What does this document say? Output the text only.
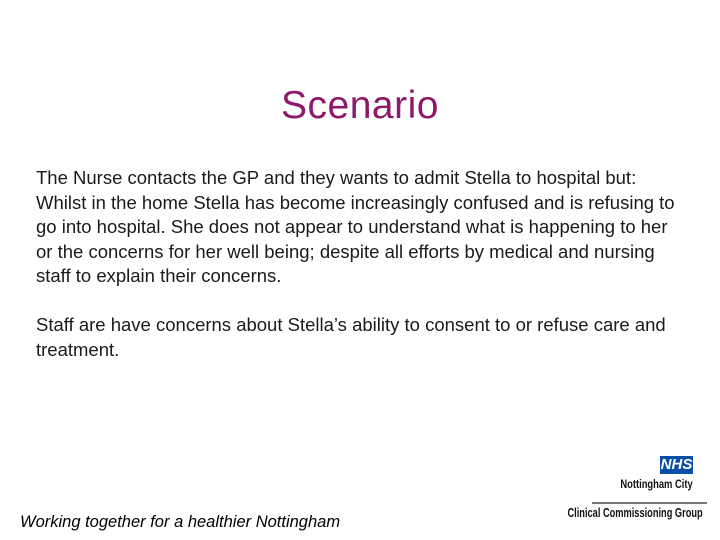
Scenario

The Nurse contacts the GP and they wants to admit Stella to hospital but:

Whilst in the home Stella has become increasingly confused and is refusing to go into hospital. She does not appear to understand what is happening to her or the concerns for her well being; despite all efforts by medical and nursing staff to explain their concerns.

Staff are have concerns about Stella’s ability to consent to or refuse care and treatment.

Working together for a healthier Nottingham
NHS
Nottingham City
Clinical Commissioning Group
